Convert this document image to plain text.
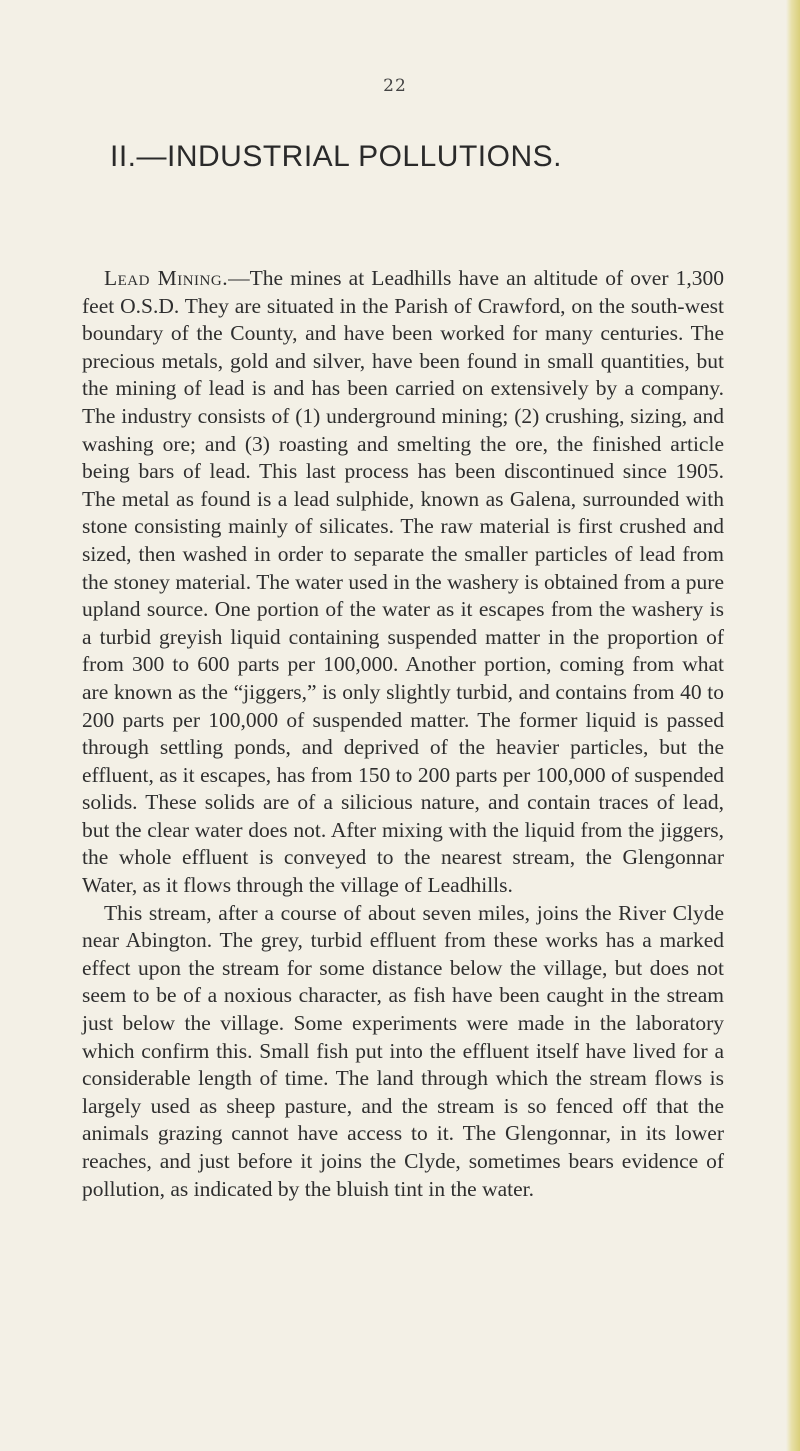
22
II.—INDUSTRIAL POLLUTIONS.

Lead Mining.—The mines at Leadhills have an altitude of over 1,300 feet O.S.D. They are situated in the Parish of Crawford, on the south-west boundary of the County, and have been worked for many centuries. The precious metals, gold and silver, have been found in small quantities, but the mining of lead is and has been carried on extensively by a company. The industry consists of (1) underground mining; (2) crushing, sizing, and washing ore; and (3) roasting and smelting the ore, the finished article being bars of lead. This last process has been discontinued since 1905. The metal as found is a lead sulphide, known as Galena, surrounded with stone consisting mainly of silicates. The raw material is first crushed and sized, then washed in order to separate the smaller particles of lead from the stoney material. The water used in the washery is obtained from a pure upland source. One portion of the water as it escapes from the washery is a turbid greyish liquid containing suspended matter in the proportion of from 300 to 600 parts per 100,000. Another portion, coming from what are known as the “jiggers,” is only slightly turbid, and contains from 40 to 200 parts per 100,000 of suspended matter. The former liquid is passed through settling ponds, and deprived of the heavier particles, but the effluent, as it escapes, has from 150 to 200 parts per 100,000 of suspended solids. These solids are of a silicious nature, and contain traces of lead, but the clear water does not. After mixing with the liquid from the jiggers, the whole effluent is conveyed to the nearest stream, the Glengonnar Water, as it flows through the village of Leadhills.

This stream, after a course of about seven miles, joins the River Clyde near Abington. The grey, turbid effluent from these works has a marked effect upon the stream for some distance below the village, but does not seem to be of a noxious character, as fish have been caught in the stream just below the village. Some experiments were made in the laboratory which confirm this. Small fish put into the effluent itself have lived for a considerable length of time. The land through which the stream flows is largely used as sheep pasture, and the stream is so fenced off that the animals grazing cannot have access to it. The Glengonnar, in its lower reaches, and just before it joins the Clyde, sometimes bears evidence of pollution, as indicated by the bluish tint in the water.
